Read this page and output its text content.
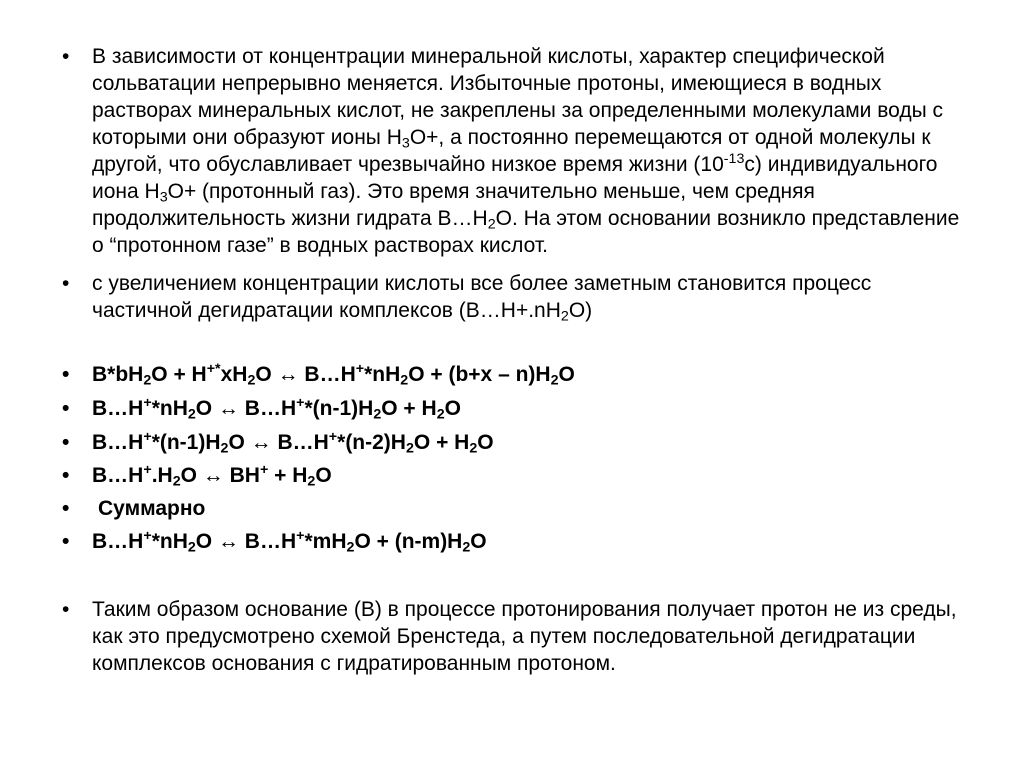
•	В зависимости от концентрации минеральной кислоты, характер специфической сольватации непрерывно меняется. Избыточные протоны, имеющиеся в водных растворах минеральных кислот, не закреплены за определенными молекулами воды с которыми они образуют ионы $Н_3О+$, а постоянно перемещаются от одной молекулы к другой, что обуславливает чрезвычайно низкое время жизни $(10^{-13}с)$ индивидуального иона $Н_3О+$ (протонный газ). Это время значительно меньше, чем средняя продолжительность жизни гидрата $В\dots Н_2О$. На этом основании возникло представление о “протонном газе” в водных растворах кислот.
•	с увеличением концентрации кислоты все более заметным становится процесс частичной дегидратации комплексов $(В\dots Н+.nН_2О)$
•	$В*bН_2O + H^{+*}xH_2O$ ↔ $B\dots H^+*nH_2O + (b+x - n)H_2O$
•	$B\dots H^+*nH_2O$ ↔ $B\dots H^+*(n-1)H_2O + H_2O$
•	$B\dots H^+*(n-1)H_2O$ ↔ $B\dots H^+*(n-2)H_2O + H_2O$
•	$B\dots H^+.H_2O$ ↔ $BH^+ + H_2O$
•	Суммарно
•	$B\dots H^+*nH_2O$ ↔ $B\dots H^+*mH_2O + (n-m)H_2O$
•	Таким образом основание (В) в процессе протонирования получает протон не из среды, как это предусмотрено схемой Бренстеда, а путем последовательной дегидратации комплексов основания с гидратированным протоном.
